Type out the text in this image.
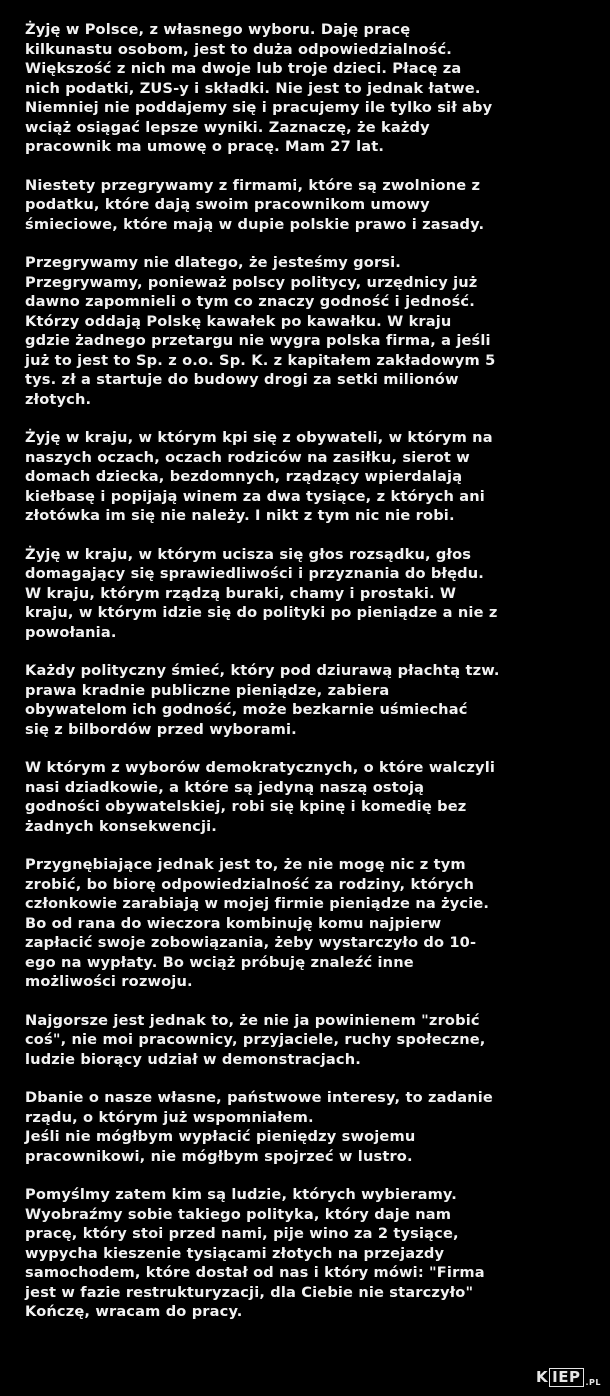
Żyję w Polsce, z własnego wyboru. Daję pracę
kilkunastu osobom, jest to duża odpowiedzialność.
Większość z nich ma dwoje lub troje dzieci. Płacę za
nich podatki, ZUS-y i składki. Nie jest to jednak łatwe.
Niemniej nie poddajemy się i pracujemy ile tylko sił aby
wciąż osiągać lepsze wyniki. Zaznaczę, że każdy
pracownik ma umowę o pracę. Mam 27 lat.

Niestety przegrywamy z firmami, które są zwolnione z
podatku, które dają swoim pracownikom umowy
śmieciowe, które mają w dupie polskie prawo i zasady.

Przegrywamy nie dlatego, że jesteśmy gorsi.
Przegrywamy, ponieważ polscy politycy, urzędnicy już
dawno zapomnieli o tym co znaczy godność i jedność.
Którzy oddają Polskę kawałek po kawałku. W kraju
gdzie żadnego przetargu nie wygra polska firma, a jeśli
już to jest to Sp. z o.o. Sp. K. z kapitałem zakładowym 5
tys. zł a startuje do budowy drogi za setki milionów
złotych.

Żyję w kraju, w którym kpi się z obywateli, w którym na
naszych oczach, oczach rodziców na zasiłku, sierot w
domach dziecka, bezdomnych, rządzący wpierdalają
kiełbasę i popijają winem za dwa tysiące, z których ani
złotówka im się nie należy. I nikt z tym nic nie robi.

Żyję w kraju, w którym ucisza się głos rozsądku, głos
domagający się sprawiedliwości i przyznania do błędu.
W kraju, którym rządzą buraki, chamy i prostaki. W
kraju, w którym idzie się do polityki po pieniądze a nie z
powołania.

Każdy polityczny śmieć, który pod dziurawą płachtą tzw.
prawa kradnie publiczne pieniądze, zabiera
obywatelom ich godność, może bezkarnie uśmiechać
się z bilbordów przed wyborami.

W którym z wyborów demokratycznych, o które walczyli
nasi dziadkowie, a które są jedyną naszą ostoją
godności obywatelskiej, robi się kpinę i komedię bez
żadnych konsekwencji.

Przygnębiające jednak jest to, że nie mogę nic z tym
zrobić, bo biorę odpowiedzialność za rodziny, których
członkowie zarabiają w mojej firmie pieniądze na życie.
Bo od rana do wieczora kombinuję komu najpierw
zapłacić swoje zobowiązania, żeby wystarczyło do 10-
ego na wypłaty. Bo wciąż próbuję znaleźć inne
możliwości rozwoju.

Najgorsze jest jednak to, że nie ja powinienem "zrobić
coś", nie moi pracownicy, przyjaciele, ruchy społeczne,
ludzie biorący udział w demonstracjach.

Dbanie o nasze własne, państwowe interesy, to zadanie
rządu, o którym już wspomniałem.
Jeśli nie mógłbym wypłacić pieniędzy swojemu
pracownikowi, nie mógłbym spojrzeć w lustro.

Pomyślmy zatem kim są ludzie, których wybieramy.
Wyobraźmy sobie takiego polityka, który daje nam
pracę, który stoi przed nami, pije wino za 2 tysiące,
wypycha kieszenie tysiącami złotych na przejazdy
samochodem, które dostał od nas i który mówi: "Firma
jest w fazie restrukturyzacji, dla Ciebie nie starczyło"
Kończę, wracam do pracy.

K IEP .PL
